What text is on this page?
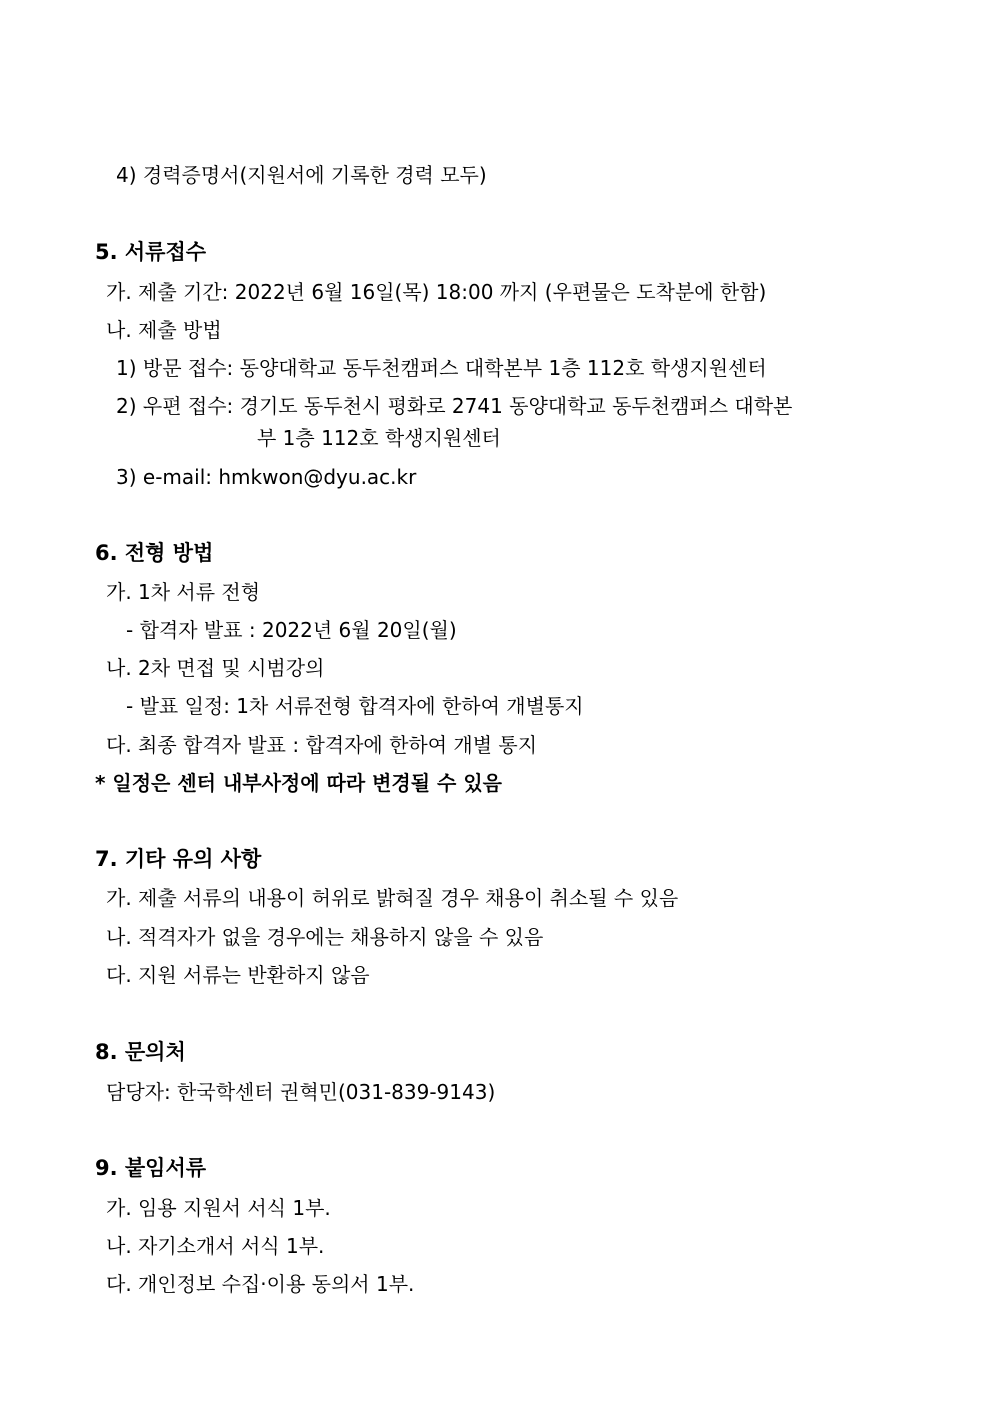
4) 경력증명서(지원서에 기록한 경력 모두)
5. 서류접수
가. 제출 기간: 2022년 6월 16일(목) 18:00 까지 (우편물은 도착분에 한함)
나. 제출 방법
1) 방문 접수: 동양대학교 동두천캠퍼스 대학본부 1층 112호 학생지원센터
2) 우편 접수: 경기도 동두천시 평화로 2741 동양대학교 동두천캠퍼스 대학본
부 1층 112호 학생지원센터
3) e-mail: hmkwon@dyu.ac.kr
6. 전형 방법
가. 1차 서류 전형
- 합격자 발표 : 2022년 6월 20일(월)
나. 2차 면접 및 시범강의
- 발표 일정: 1차 서류전형 합격자에 한하여 개별통지
다. 최종 합격자 발표 : 합격자에 한하여 개별 통지
* 일정은 센터 내부사정에 따라 변경될 수 있음
7. 기타 유의 사항
가. 제출 서류의 내용이 허위로 밝혀질 경우 채용이 취소될 수 있음
나. 적격자가 없을 경우에는 채용하지 않을 수 있음
다. 지원 서류는 반환하지 않음
8. 문의처
담당자: 한국학센터 권혁민(031-839-9143)
9. 붙임서류
가. 임용 지원서 서식 1부.
나. 자기소개서 서식 1부.
다. 개인정보 수집·이용 동의서 1부.
